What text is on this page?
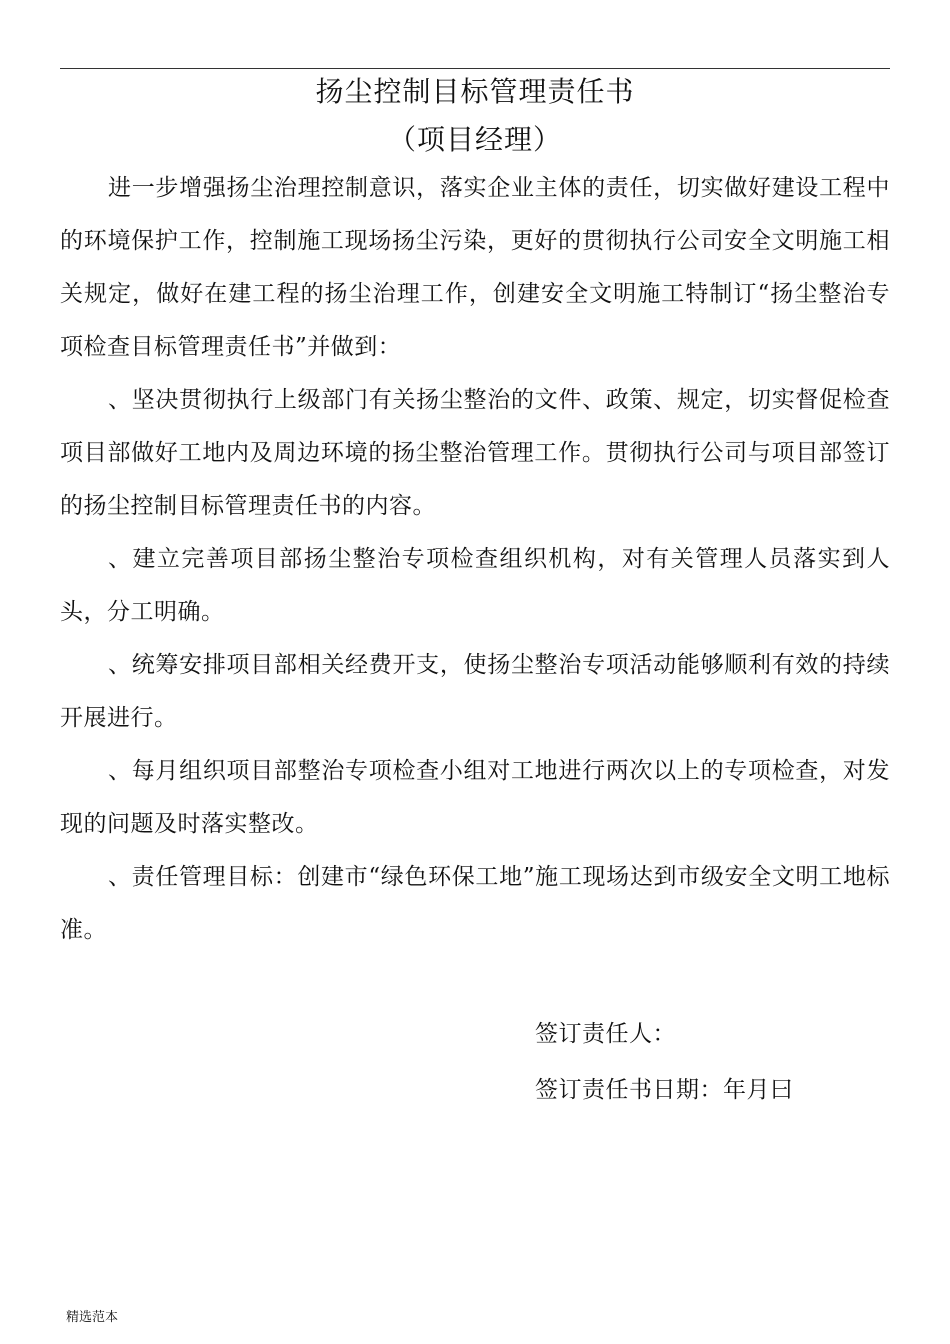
扬尘控制目标管理责任书
（项目经理）

进一步增强扬尘治理控制意识，落实企业主体的责任，切实做好建设工程中的环境保护工作，控制施工现场扬尘污染，更好的贯彻执行公司安全文明施工相关规定，做好在建工程的扬尘治理工作，创建安全文明施工特制订“扬尘整治专项检查目标管理责任书”并做到：

、坚决贯彻执行上级部门有关扬尘整治的文件、政策、规定，切实督促检查项目部做好工地内及周边环境的扬尘整治管理工作。贯彻执行公司与项目部签订的扬尘控制目标管理责任书的内容。

、建立完善项目部扬尘整治专项检查组织机构，对有关管理人员落实到人头，分工明确。

、统筹安排项目部相关经费开支，使扬尘整治专项活动能够顺利有效的持续开展进行。

、每月组织项目部整治专项检查小组对工地进行两次以上的专项检查，对发现的问题及时落实整改。

、责任管理目标：创建市“绿色环保工地”施工现场达到市级安全文明工地标准。

签订责任人：
签订责任书日期：年月曰
精选范本
